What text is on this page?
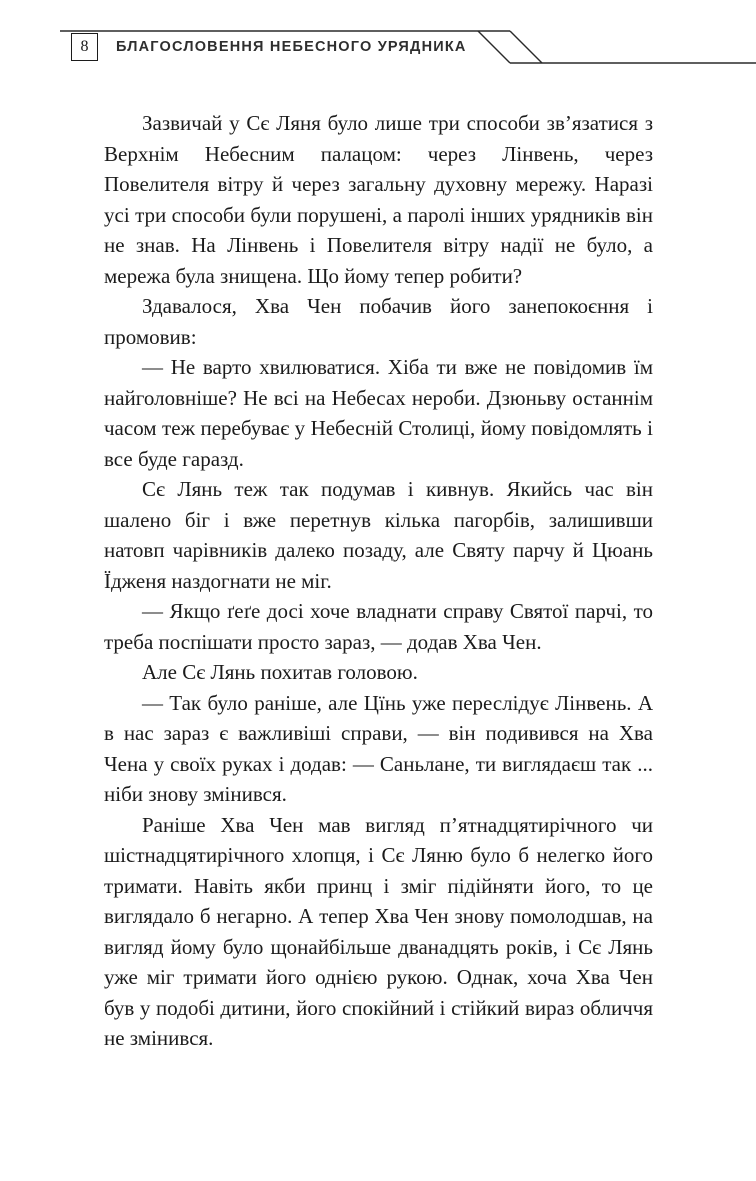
8 БЛАГОСЛОВЕННЯ НЕБЕСНОГО УРЯДНИКА

Зазвичай у Сє Ляня було лише три способи зв’язатися з Верхнім Небесним палацом: через Лінвень, через Повелителя вітру й через загальну духовну мережу. Наразі усі три способи були порушені, а паролі інших урядників він не знав. На Лінвень і Повелителя вітру надії не було, а мережа була знищена. Що йому тепер робити?

Здавалося, Хва Чен побачив його занепокоєння і промовив:

— Не варто хвилюватися. Хіба ти вже не повідомив їм найголовніше? Не всі на Небесах нероби. Дзюньву останнім часом теж перебуває у Небесній Столиці, йому повідомлять і все буде гаразд.

Сє Лянь теж так подумав і кивнув. Якийсь час він шалено біг і вже перетнув кілька пагорбів, залишивши натовп чарівників далеко позаду, але Святу парчу й Цюань Їдженя наздогнати не міг.

— Якщо ґеґе досі хоче владнати справу Святої парчі, то треба поспішати просто зараз, — додав Хва Чен.

Але Сє Лянь похитав головою.

— Так було раніше, але Цїнь уже переслідує Лінвень. А в нас зараз є важливіші справи, — він подивився на Хва Чена у своїх руках і додав: — Саньлане, ти виглядаєш так ... ніби знову змінився.

Раніше Хва Чен мав вигляд п’ятнадцятирічного чи шістнадцятирічного хлопця, і Сє Ляню було б нелегко його тримати. Навіть якби принц і зміг підійняти його, то це виглядало б негарно. А тепер Хва Чен знову помолодшав, на вигляд йому було щонайбільше дванадцять років, і Сє Лянь уже міг тримати його однією рукою. Однак, хоча Хва Чен був у подобі дитини, його спокійний і стійкий вираз обличчя не змінився.
